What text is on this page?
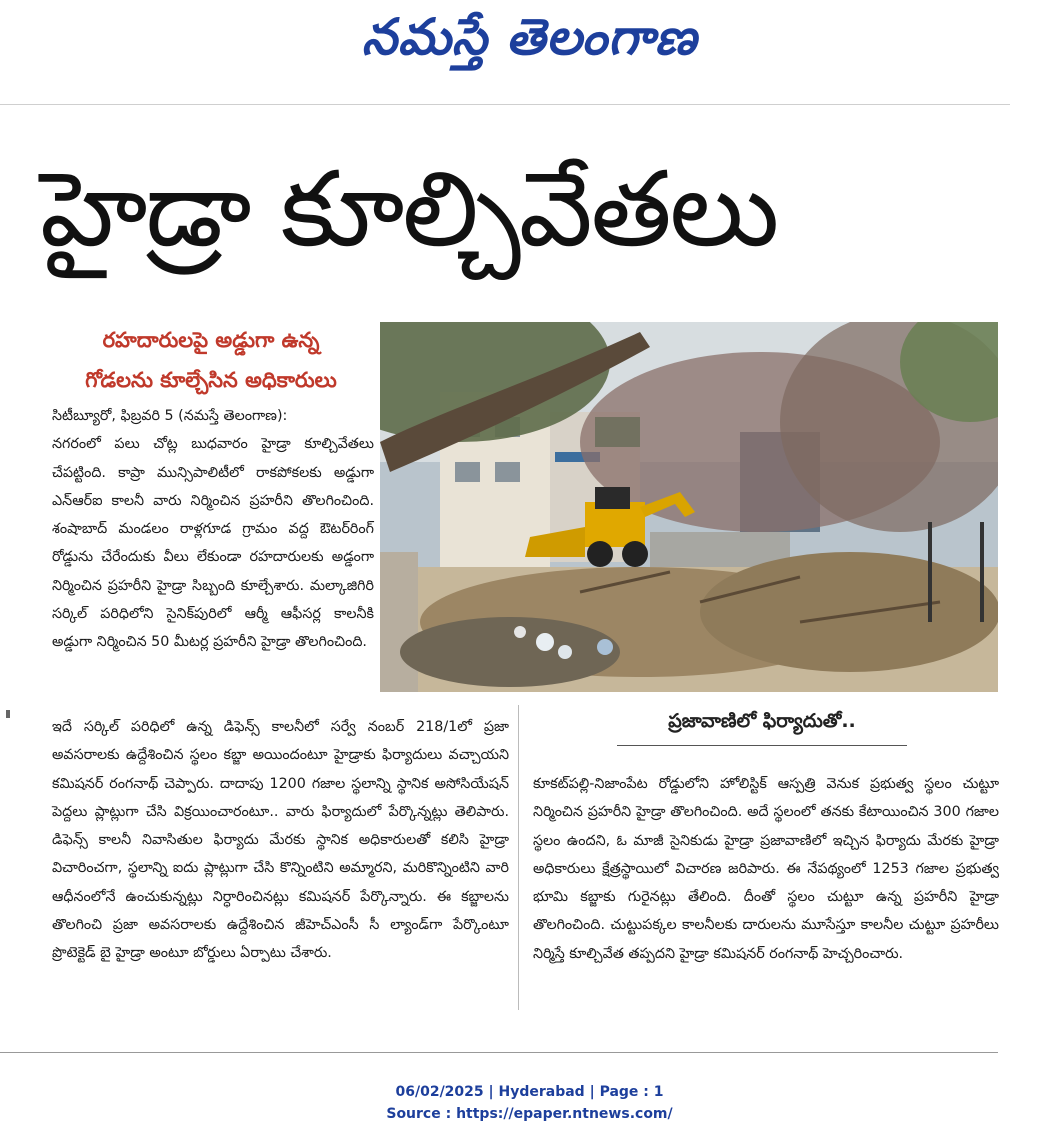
నమస్తే తెలంగాణ
హైడ్రా కూల్చివేతలు
రహదారులపై అడ్డుగా ఉన్న
గోడలను కూల్చేసిన అధికారులు

సిటీబ్యూరో, ఫిబ్రవరి 5 (నమస్తే తెలంగాణ):

నగరంలో పలు చోట్ల బుధవారం హైడ్రా కూల్చివేతలు చేపట్టింది. కాప్రా మున్సిపాలిటీలో రాకపోకలకు అడ్డుగా ఎన్ఆర్ఐ కాలనీ వారు నిర్మించిన ప్రహరీని తొలగించింది. శంషాబాద్ మండలం రాళ్లగూడ గ్రామం వద్ద ఔటర్‌రింగ్ రోడ్డును చేరేందుకు వీలు లేకుండా రహదారులకు అడ్డంగా నిర్మించిన ప్రహరీని హైడ్రా సిబ్బంది కూల్చేశారు. మల్కాజిగిరి సర్కిల్ పరిధిలోని సైనిక్‌పురిలో ఆర్మీ ఆఫీసర్ల కాలనీకి అడ్డుగా నిర్మించిన 50 మీటర్ల ప్రహరీని హైడ్రా తొలగించింది.

ఇదే సర్కిల్ పరిధిలో ఉన్న డిఫెన్స్ కాలనీలో సర్వే నంబర్ 218/1లో ప్రజా అవసరాలకు ఉద్దేశించిన స్థలం కబ్జా అయిందంటూ హైడ్రాకు ఫిర్యాదులు వచ్చాయని కమిషనర్ రంగనాథ్ చెప్పారు. దాదాపు 1200 గజాల స్థలాన్ని స్థానిక అసోసియేషన్ పెద్దలు ప్లాట్లుగా చేసి విక్రయించారంటూ.. వారు ఫిర్యాదులో పేర్కొన్నట్లు తెలిపారు. డిఫెన్స్ కాలనీ నివాసితుల ఫిర్యాదు మేరకు స్థానిక అధికారులతో కలిసి హైడ్రా విచారించగా, స్థలాన్ని ఐదు ప్లాట్లుగా చేసి కొన్నింటిని అమ్మారని, మరికొన్నింటిని వారి ఆధీనంలోనే ఉంచుకున్నట్లు నిర్ధారించినట్లు కమిషనర్ పేర్కొన్నారు. ఈ కబ్జాలను తొలగించి ప్రజా అవసరాలకు ఉద్దేశించిన జీహెచ్ఎంసీ సీ ల్యాండ్‌గా పేర్కొంటూ ప్రొటెక్టెడ్ బై హైడ్రా అంటూ బోర్డులు ఏర్పాటు చేశారు.

ప్రజావాణిలో ఫిర్యాదుతో..

కూకట్‌పల్లి-నిజాంపేట రోడ్డులోని హోలిస్టిక్ ఆస్పత్రి వెనుక ప్రభుత్వ స్థలం చుట్టూ నిర్మించిన ప్రహరీని హైడ్రా తొలగించింది. అదే స్థలంలో తనకు కేటాయించిన 300 గజాల స్థలం ఉందని, ఓ మాజీ సైనికుడు హైడ్రా ప్రజావాణిలో ఇచ్చిన ఫిర్యాదు మేరకు హైడ్రా అధికారులు క్షేత్రస్థాయిలో విచారణ జరిపారు. ఈ నేపథ్యంలో 1253 గజాల ప్రభుత్వ భూమి కబ్జాకు గురైనట్లు తేలింది. దీంతో స్థలం చుట్టూ ఉన్న ప్రహరీని హైడ్రా తొలగించింది. చుట్టుపక్కల కాలనీలకు దారులను మూసేస్తూ కాలనీల చుట్టూ ప్రహరీలు నిర్మిస్తే కూల్చివేత తప్పదని హైడ్రా కమిషనర్ రంగనాథ్ హెచ్చరించారు.

06/02/2025 | Hyderabad | Page : 1
Source : https://epaper.ntnews.com/
